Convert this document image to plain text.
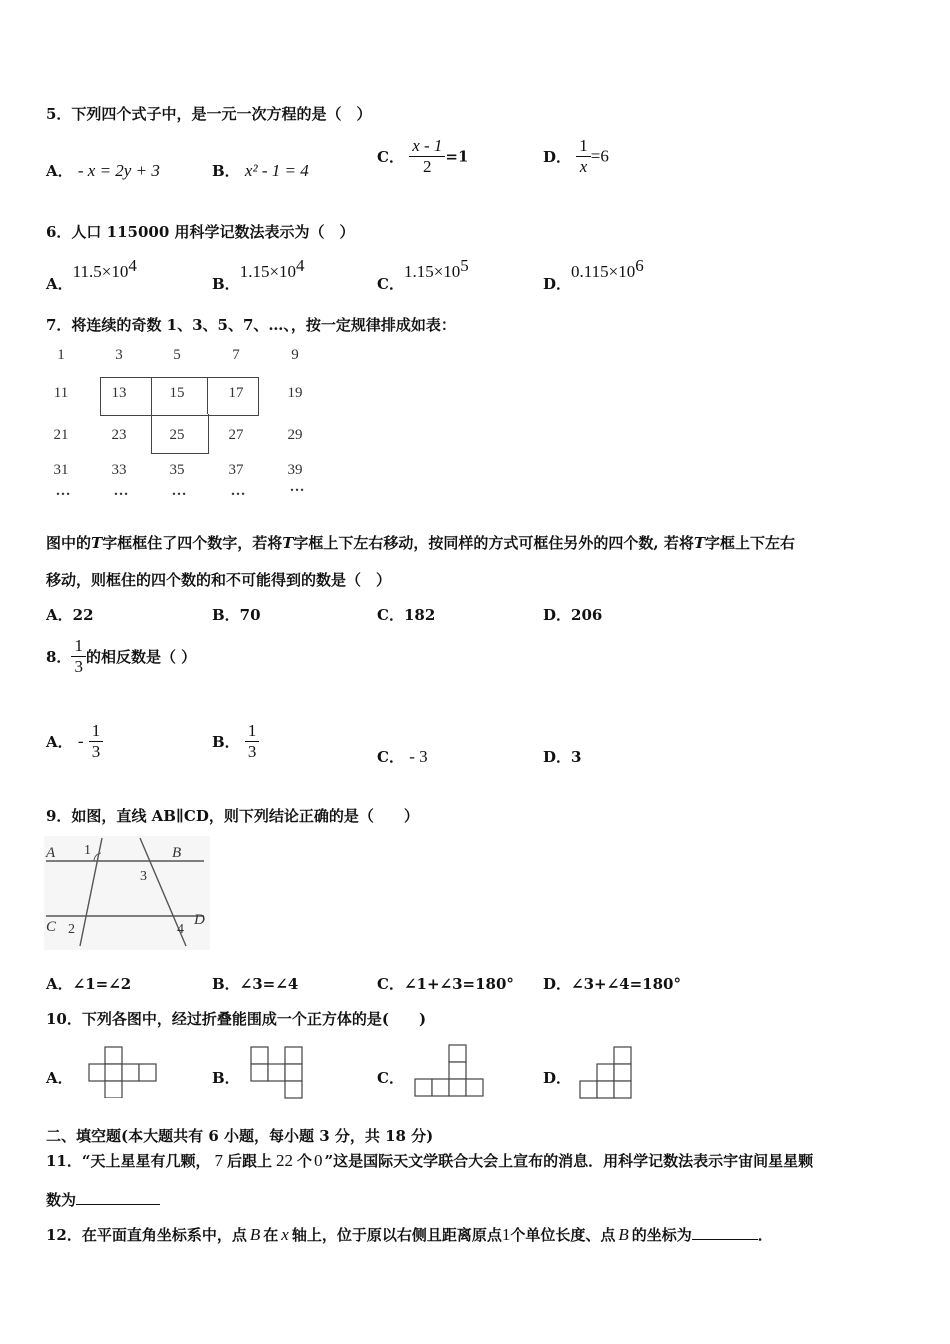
5．下列四个式子中，是一元一次方程的是（　）
A． - x = 2y + 3	B． x² - 1 = 4
C． $\frac{x - 1}{2} =1$	D． $\frac{1}{x} =6$
6．人口 115000 用科学记数法表示为（　）
A．$11.5\times 10^4$
B．$1.15\times 10^4$
C．$1.15\times 10^5$
D．$0.115\times 10^6$
7．将连续的奇数 1、3、5、7、…、，按一定规律排成如表：
1	3	5	7	9
11	13	15	17	19
21	23	25	27	29
31	33	35	37	39
…	…	…	…	…
图中的T字框框住了四个数字，若将T字框上下左右移动，按同样的方式可框住另外的四个数, 若将T字框上下左右
移动，则框住的四个数的和不可能得到的数是（　）
A．22	B．70	C．182	D．206
8． $\frac{1}{3}$ 的相反数是（ ）
A． - $\frac{1}{3}$	B． $\frac{1}{3}$	C． - 3	D．3
9．如图，直线 AB∥CD，则下列结论正确的是（　　）
A	B
C	D
1
2
3
4
A．∠1=∠2	B．∠3=∠4	C．∠1+∠3=180° D．∠3+∠4=180°
10．下列各图中，经过折叠能围成一个正方体的是(　　)
A．	B．	C．	D．
二、填空题(本大题共有 6 小题，每小题 3 分，共 18 分)
11．“天上星星有几颗， 7 后跟上 22 个 0 ”这是国际天文学联合大会上宣布的消息．用科学记数法表示宇宙间星星颗
数为
12．在平面直角坐标系中，点 B 在 x 轴上，位于原以右侧且距离原点1个单位长度、点 B 的坐标为	．
